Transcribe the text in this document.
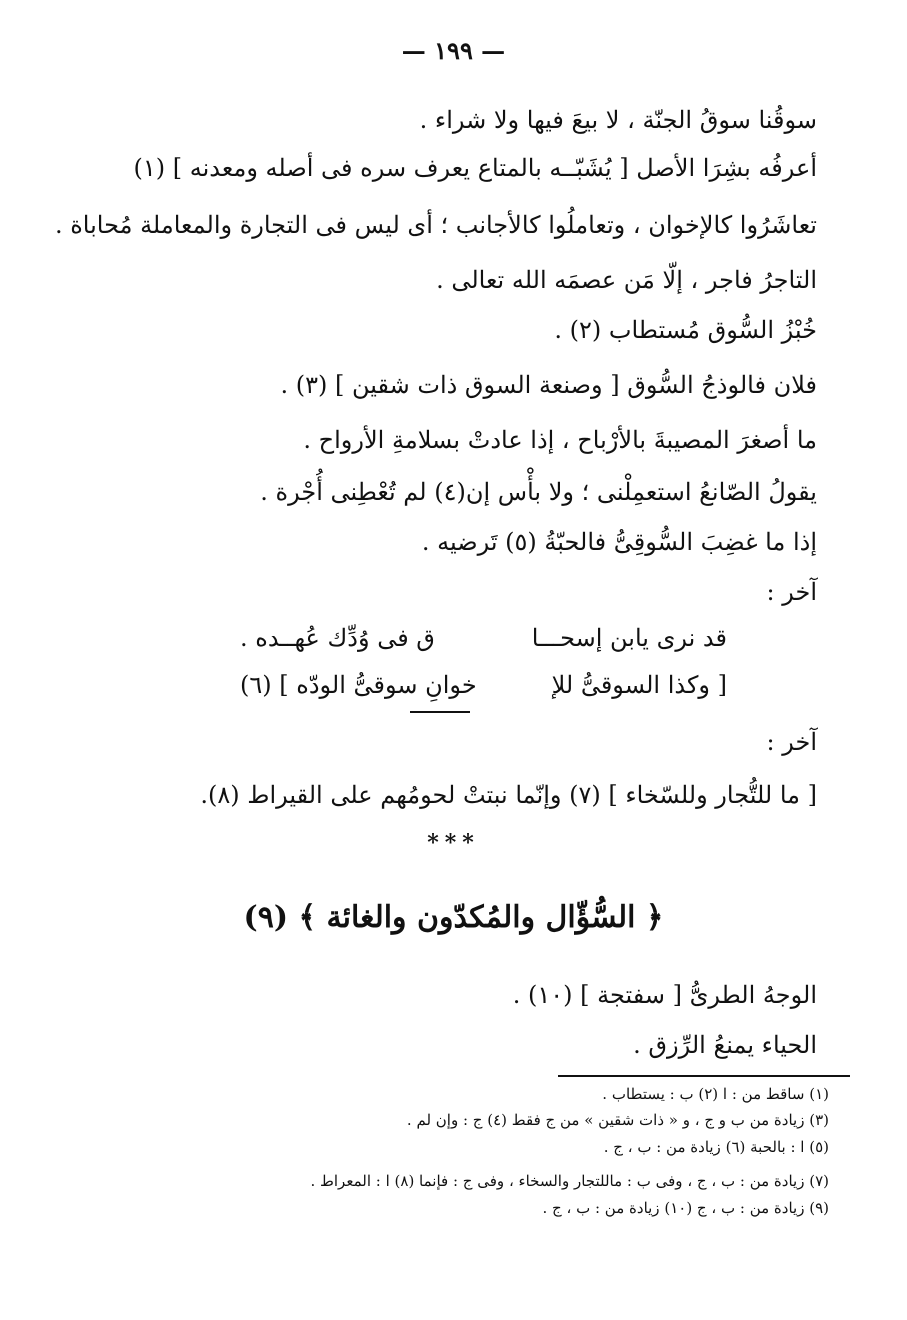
— ١٩٩ —
سوقُنا سوقُ الجنّة ، لا بيعَ فيها ولا شراء .
أعرفُه بشِرَا الأصل [ يُشَبّــه بالمتاع يعرف سره فى أصله ومعدنه ] (١)
تعاشَرُوا كالإخوان ، وتعاملُوا كالأجانب ؛ أى ليس فى التجارة والمعاملة مُحاباة .
التاجرُ فاجر ، إلّا مَن عصمَه الله تعالى .
خُبْزُ السُّوق مُستطاب (٢) .
فلان فالوذجُ السُّوق [ وصنعة السوق ذات شقين ] (٣) .
ما أصغرَ المصيبةَ بالأرْباح ، إذا عادتْ بسلامةِ الأرواح .
يقولُ الصّانعُ استعمِلْنى ؛ ولا بأْس إن(٤) لم تُعْطِنى أُجْرة .
إذا ما غضِبَ السُّوقِىُّ فالحبّةُ (٥) تَرضيه .
آخر :
قد نرى يابن إسحـــا
ق فى وُدِّك عُهــده .
[ وكذا السوقىُّ للإ
خوانِ سوقىُّ الودّه ] (٦)
آخر :
[ ما للتُّجار وللسّخاء ] (٧) وإنّما نبتتْ لحومُهم على القيراط (٨).
***
﴿ السُّؤّال والمُكدّون والغائة ﴾ (٩)
الوجهُ الطرىُّ [ سفتجة ] (١٠) .
الحياء يمنعُ الرِّزق .
(١) ساقط من : ا (٢) ب : يستطاب .
(٣) زيادة من ب و ج ، و « ذات شقين » من ج فقط (٤) ج : وإن لم .
(٥) ا : بالحبة (٦) زيادة من : ب ، ج .
(٧) زيادة من : ب ، ج ، وفى ب : ماللتجار والسخاء ، وفى ج : فإنما (٨) ا : المعراط .
(٩) زيادة من : ب ، ج (١٠) زيادة من : ب ، ج .
